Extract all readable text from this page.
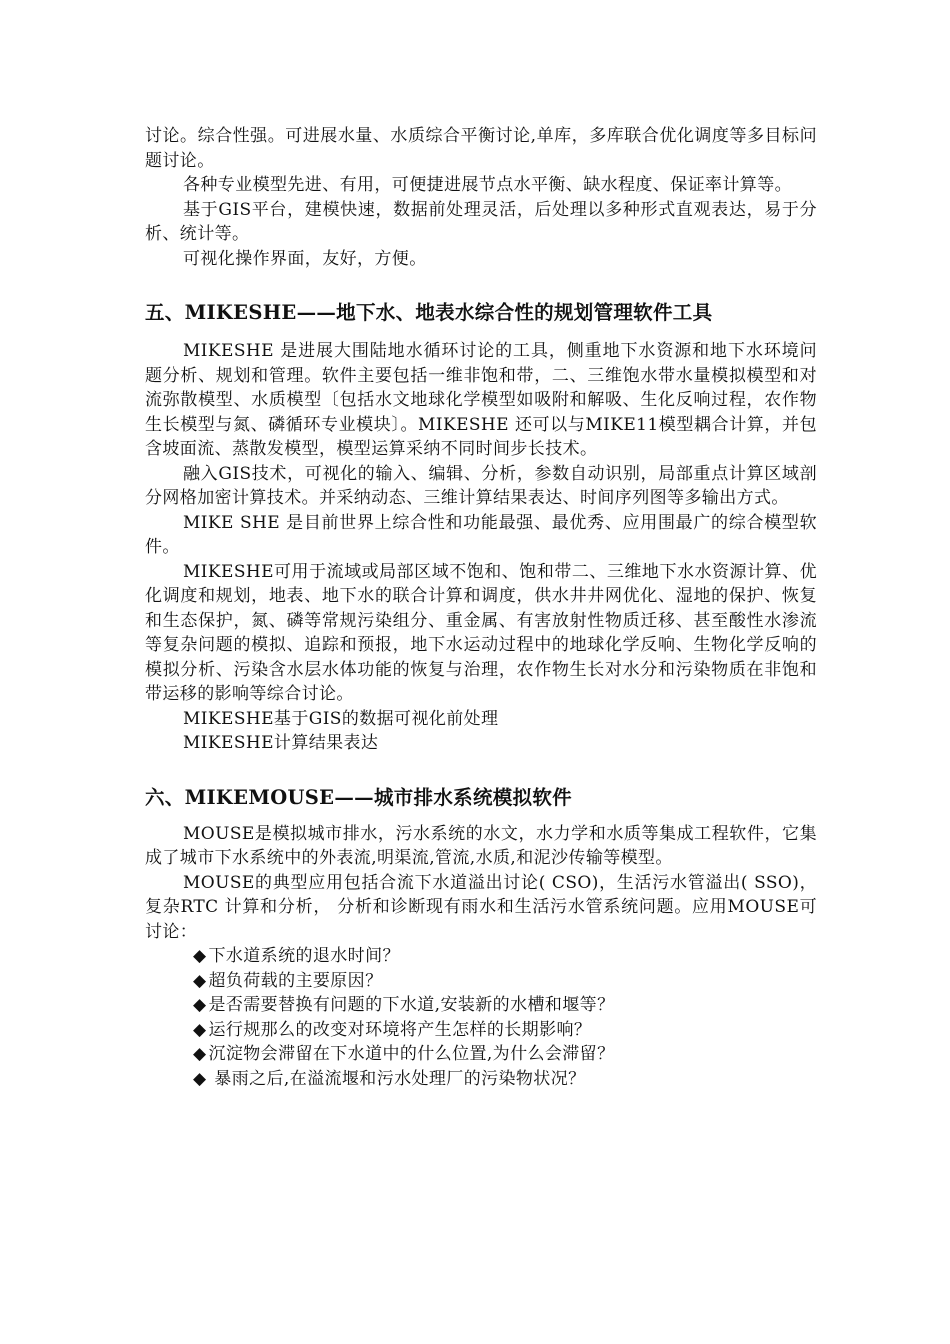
讨论。综合性强。可进展水量、水质综合平衡讨论,单库，多库联合优化调度等多目标问题讨论。

各种专业模型先进、有用，可便捷进展节点水平衡、缺水程度、保证率计算等。

基于GIS平台，建模快速，数据前处理灵活，后处理以多种形式直观表达，易于分析、统计等。

可视化操作界面，友好，方便。

五、MIKESHE——地下水、地表水综合性的规划管理软件工具

MIKESHE 是进展大围陆地水循环讨论的工具，侧重地下水资源和地下水环境问题分析、规划和管理。软件主要包括一维非饱和带，二、三维饱水带水量模拟模型和对流弥散模型、水质模型〔包括水文地球化学模型如吸附和解吸、生化反响过程，农作物生长模型与氮、磷循环专业模块〕。MIKESHE 还可以与MIKE11模型耦合计算，并包含坡面流、蒸散发模型，模型运算采纳不同时间步长技术。

融入GIS技术，可视化的输入、编辑、分析，参数自动识别，局部重点计算区域剖分网格加密计算技术。并采纳动态、三维计算结果表达、时间序列图等多输出方式。

MIKE SHE 是目前世界上综合性和功能最强、最优秀、应用围最广的综合模型软件。

MIKESHE可用于流域或局部区域不饱和、饱和带二、三维地下水水资源计算、优化调度和规划，地表、地下水的联合计算和调度，供水井井网优化、湿地的保护、恢复和生态保护，氮、磷等常规污染组分、重金属、有害放射性物质迁移、甚至酸性水渗流等复杂问题的模拟、追踪和预报，地下水运动过程中的地球化学反响、生物化学反响的模拟分析、污染含水层水体功能的恢复与治理，农作物生长对水分和污染物质在非饱和带运移的影响等综合讨论。

MIKESHE基于GIS的数据可视化前处理

MIKESHE计算结果表达

六、MIKEMOUSE——城市排水系统模拟软件

MOUSE是模拟城市排水，污水系统的水文，水力学和水质等集成工程软件，它集成了城市下水系统中的外表流,明渠流,管流,水质,和泥沙传输等模型。

MOUSE的典型应用包括合流下水道溢出讨论( CSO)，生活污水管溢出( SSO)，复杂RTC 计算和分析， 分析和诊断现有雨水和生活污水管系统问题。应用MOUSE可讨论：

◆ 下水道系统的退水时间？
◆ 超负荷载的主要原因？
◆ 是否需要替换有问题的下水道,安装新的水槽和堰等？
◆ 运行规那么的改变对环境将产生怎样的长期影响？
◆ 沉淀物会滞留在下水道中的什么位置,为什么会滞留？
◆ 暴雨之后,在溢流堰和污水处理厂的污染物状况？
